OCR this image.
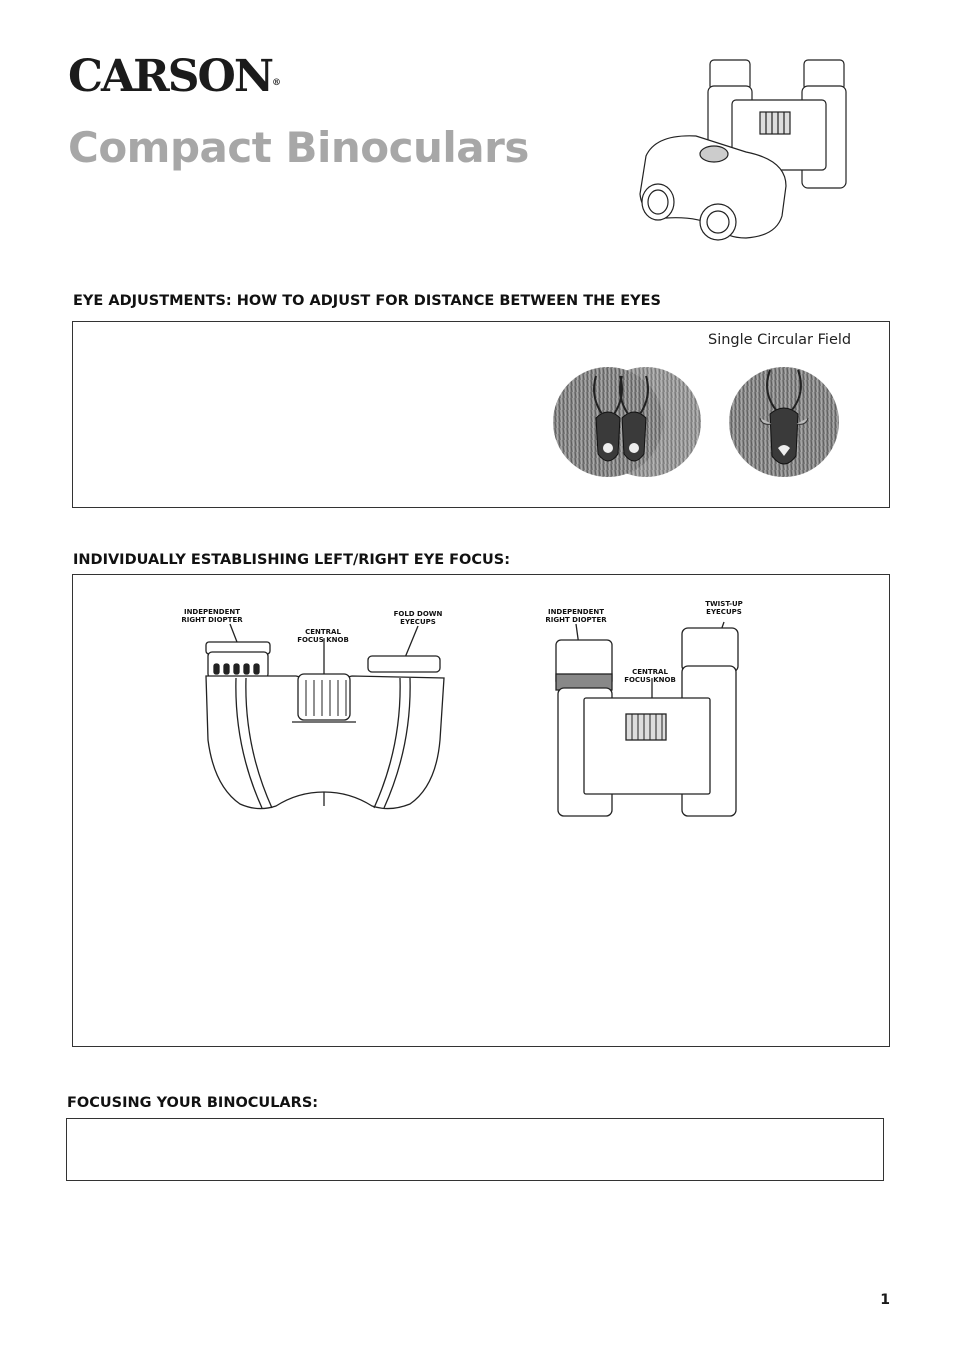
CARSON®
Compact Binoculars
EYE ADJUSTMENTS: HOW TO ADJUST FOR DISTANCE BETWEEN THE EYES
Single Circular Field
INDIVIDUALLY ESTABLISHING LEFT/RIGHT EYE FOCUS:
INDEPENDENT
RIGHT DIOPTER
CENTRAL
FOCUS KNOB
FOLD DOWN
EYECUPS
INDEPENDENT
RIGHT DIOPTER
CENTRAL
FOCUS KNOB
TWIST-UP
EYECUPS
FOCUSING YOUR BINOCULARS:
1
